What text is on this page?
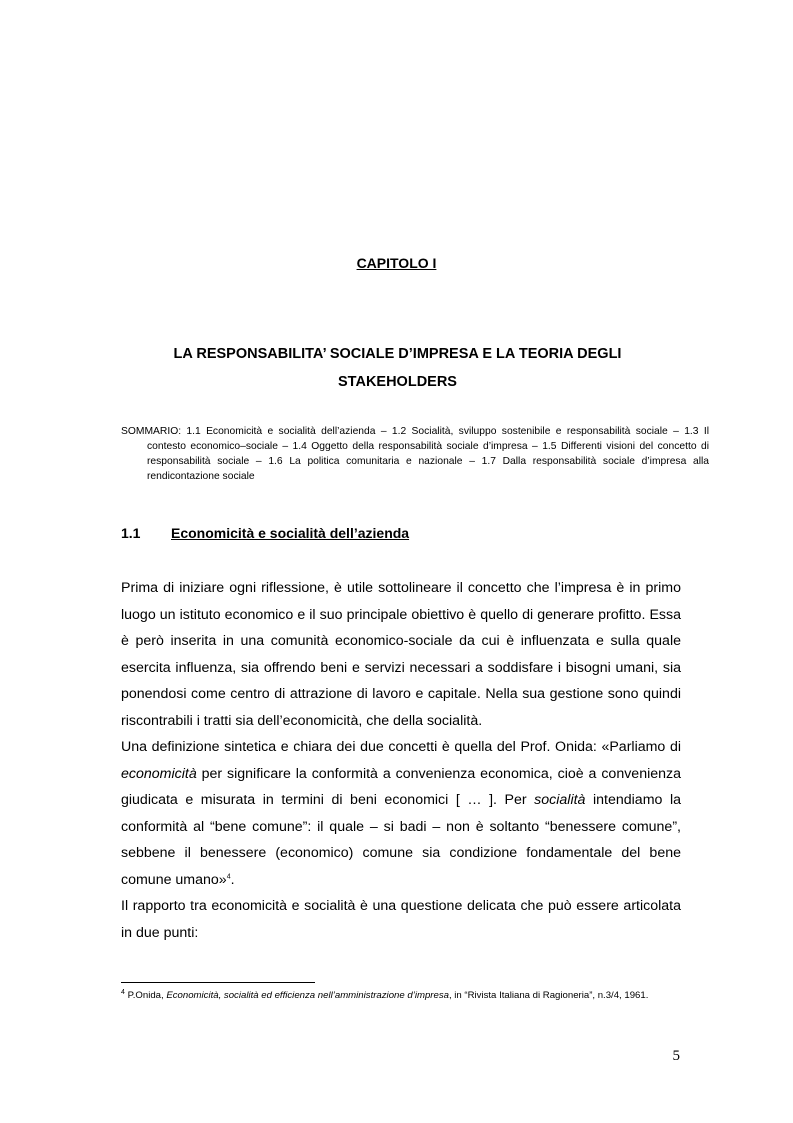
CAPITOLO I
LA RESPONSABILITA’ SOCIALE D’IMPRESA E LA TEORIA DEGLI
STAKEHOLDERS
SOMMARIO: 1.1 Economicità e socialità dell’azienda – 1.2 Socialità, sviluppo sostenibile e responsabilità sociale – 1.3 Il contesto economico–sociale – 1.4 Oggetto della responsabilità sociale d’impresa – 1.5 Differenti visioni del concetto di responsabilità sociale – 1.6 La politica comunitaria e nazionale – 1.7 Dalla responsabilità sociale d’impresa alla rendicontazione sociale
1.1 Economicità e socialità dell’azienda

Prima di iniziare ogni riflessione, è utile sottolineare il concetto che l’impresa è in primo luogo un istituto economico e il suo principale obiettivo è quello di generare profitto. Essa è però inserita in una comunità economico-sociale da cui è influenzata e sulla quale esercita influenza, sia offrendo beni e servizi necessari a soddisfare i bisogni umani, sia ponendosi come centro di attrazione di lavoro e capitale. Nella sua gestione sono quindi riscontrabili i tratti sia dell’economicità, che della socialità.

Una definizione sintetica e chiara dei due concetti è quella del Prof. Onida: «Parliamo di economicità per significare la conformità a convenienza economica, cioè a convenienza giudicata e misurata in termini di beni economici [ … ]. Per socialità intendiamo la conformità al “bene comune”: il quale – si badi – non è soltanto “benessere comune”, sebbene il benessere (economico) comune sia condizione fondamentale del bene comune umano»$^4$.

Il rapporto tra economicità e socialità è una questione delicata che può essere articolata in due punti:

$^4$ P.Onida, Economicità, socialità ed efficienza nell’amministrazione d’impresa, in “Rivista Italiana di Ragioneria”, n.3/4, 1961.
5
